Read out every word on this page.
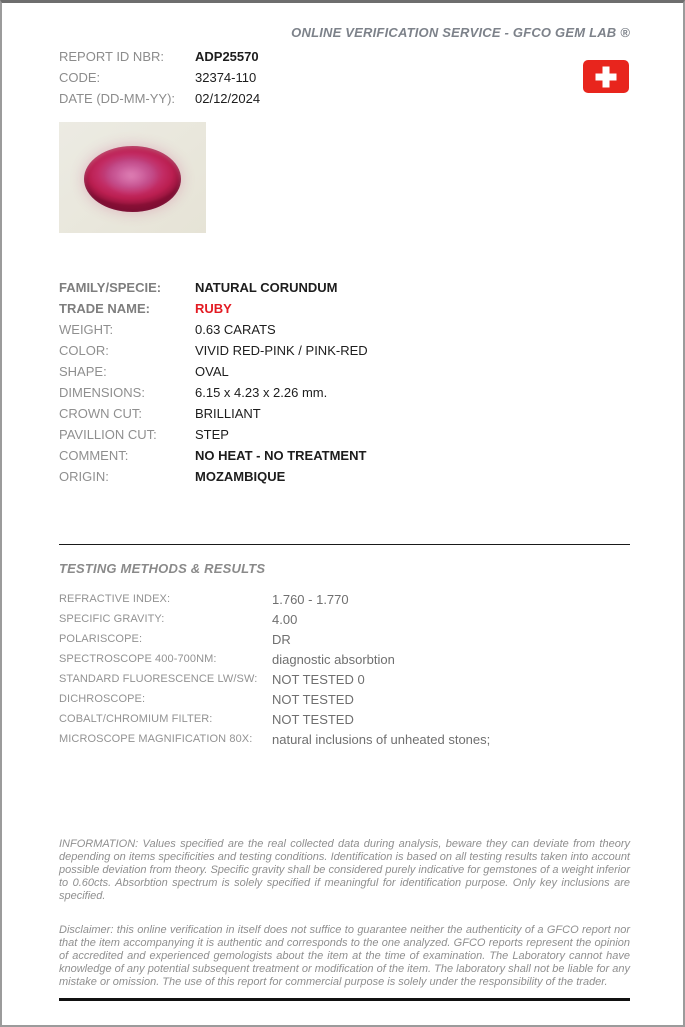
ONLINE VERIFICATION SERVICE - GFCO GEM LAB ®
REPORT ID NBR:	ADP25570
CODE:	32374-110
DATE (DD-MM-YY):	02/12/2024
FAMILY/SPECIE:	NATURAL CORUNDUM
TRADE NAME:	RUBY
WEIGHT:	0.63 CARATS
COLOR:	VIVID RED-PINK / PINK-RED
SHAPE:	OVAL
DIMENSIONS:	6.15 x 4.23 x 2.26 mm.
CROWN CUT:	BRILLIANT
PAVILLION CUT:	STEP
COMMENT:	NO HEAT - NO TREATMENT
ORIGIN:	MOZAMBIQUE
TESTING METHODS & RESULTS
REFRACTIVE INDEX:	1.760 - 1.770
SPECIFIC GRAVITY:	4.00
POLARISCOPE:	DR
SPECTROSCOPE 400-700NM:	diagnostic absorbtion
STANDARD FLUORESCENCE LW/SW:	NOT TESTED 0
DICHROSCOPE:	NOT TESTED
COBALT/CHROMIUM FILTER:	NOT TESTED
MICROSCOPE MAGNIFICATION 80X:	natural inclusions of unheated stones;

INFORMATION: Values specified are the real collected data during analysis, beware they can deviate from theory depending on items specificities and testing conditions. Identification is based on all testing results taken into account possible deviation from theory. Specific gravity shall be considered purely indicative for gemstones of a weight inferior to 0.60cts. Absorbtion spectrum is solely specified if meaningful for identification purpose. Only key inclusions are specified.

Disclaimer: this online verification in itself does not suffice to guarantee neither the authenticity of a GFCO report nor that the item accompanying it is authentic and corresponds to the one analyzed. GFCO reports represent the opinion of accredited and experienced gemologists about the item at the time of examination. The Laboratory cannot have knowledge of any potential subsequent treatment or modification of the item. The laboratory shall not be liable for any mistake or omission. The use of this report for commercial purpose is solely under the responsibility of the trader.
